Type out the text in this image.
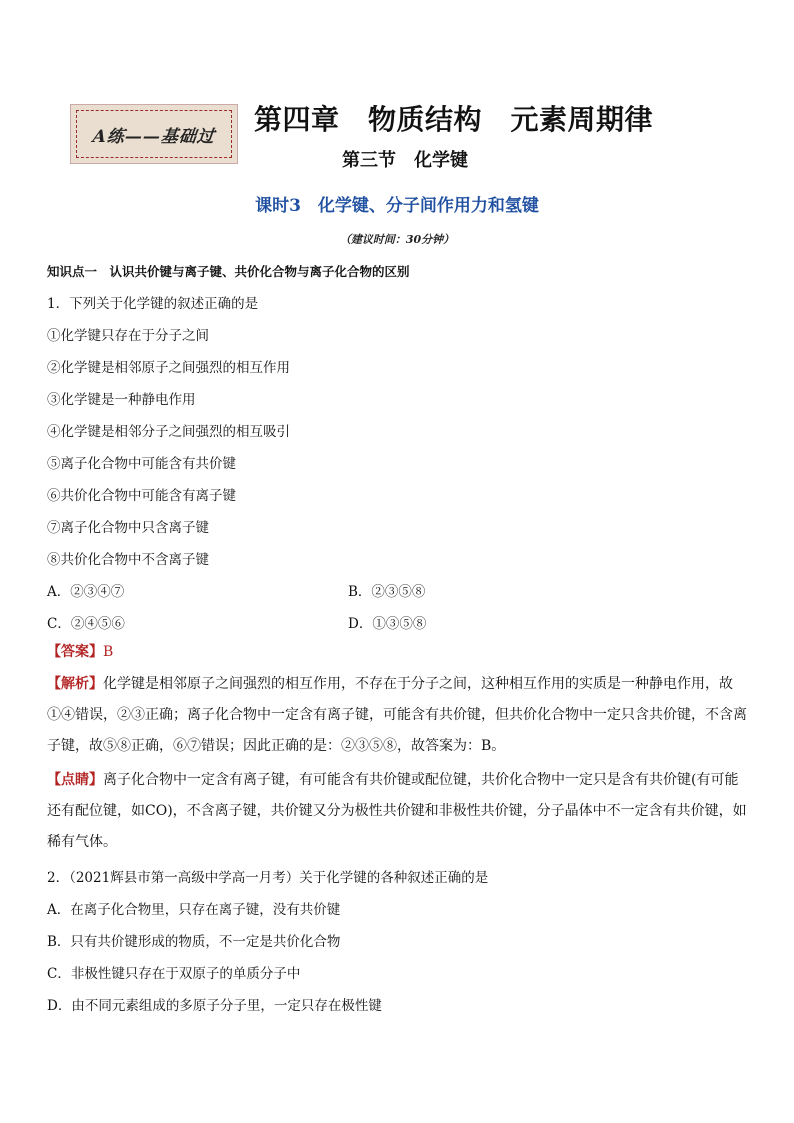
A练——基础过
第四章　物质结构　元素周期律
第三节　化学键
课时3　化学键、分子间作用力和氢键
（建议时间：30分钟）
知识点一　认识共价键与离子键、共价化合物与离子化合物的区别
1．下列关于化学键的叙述正确的是
①化学键只存在于分子之间
②化学键是相邻原子之间强烈的相互作用
③化学键是一种静电作用
④化学键是相邻分子之间强烈的相互吸引
⑤离子化合物中可能含有共价键
⑥共价化合物中可能含有离子键
⑦离子化合物中只含离子键
⑧共价化合物中不含离子键
A．②③④⑦	B．②③⑤⑧
C．②④⑤⑥	D．①③⑤⑧
【答案】B
【解析】化学键是相邻原子之间强烈的相互作用，不存在于分子之间，这种相互作用的实质是一种静电作用，故①④错误，②③正确；离子化合物中一定含有离子键，可能含有共价键，但共价化合物中一定只含共价键，不含离子键，故⑤⑧正确，⑥⑦错误；因此正确的是：②③⑤⑧，故答案为：B。
【点睛】离子化合物中一定含有离子键，有可能含有共价键或配位键，共价化合物中一定只是含有共价键(有可能还有配位键，如CO)，不含离子键，共价键又分为极性共价键和非极性共价键，分子晶体中不一定含有共价键，如稀有气体。
2．（2021辉县市第一高级中学高一月考）关于化学键的各种叙述正确的是
A．在离子化合物里，只存在离子键，没有共价键
B．只有共价键形成的物质，不一定是共价化合物
C．非极性键只存在于双原子的单质分子中
D．由不同元素组成的多原子分子里，一定只存在极性键
